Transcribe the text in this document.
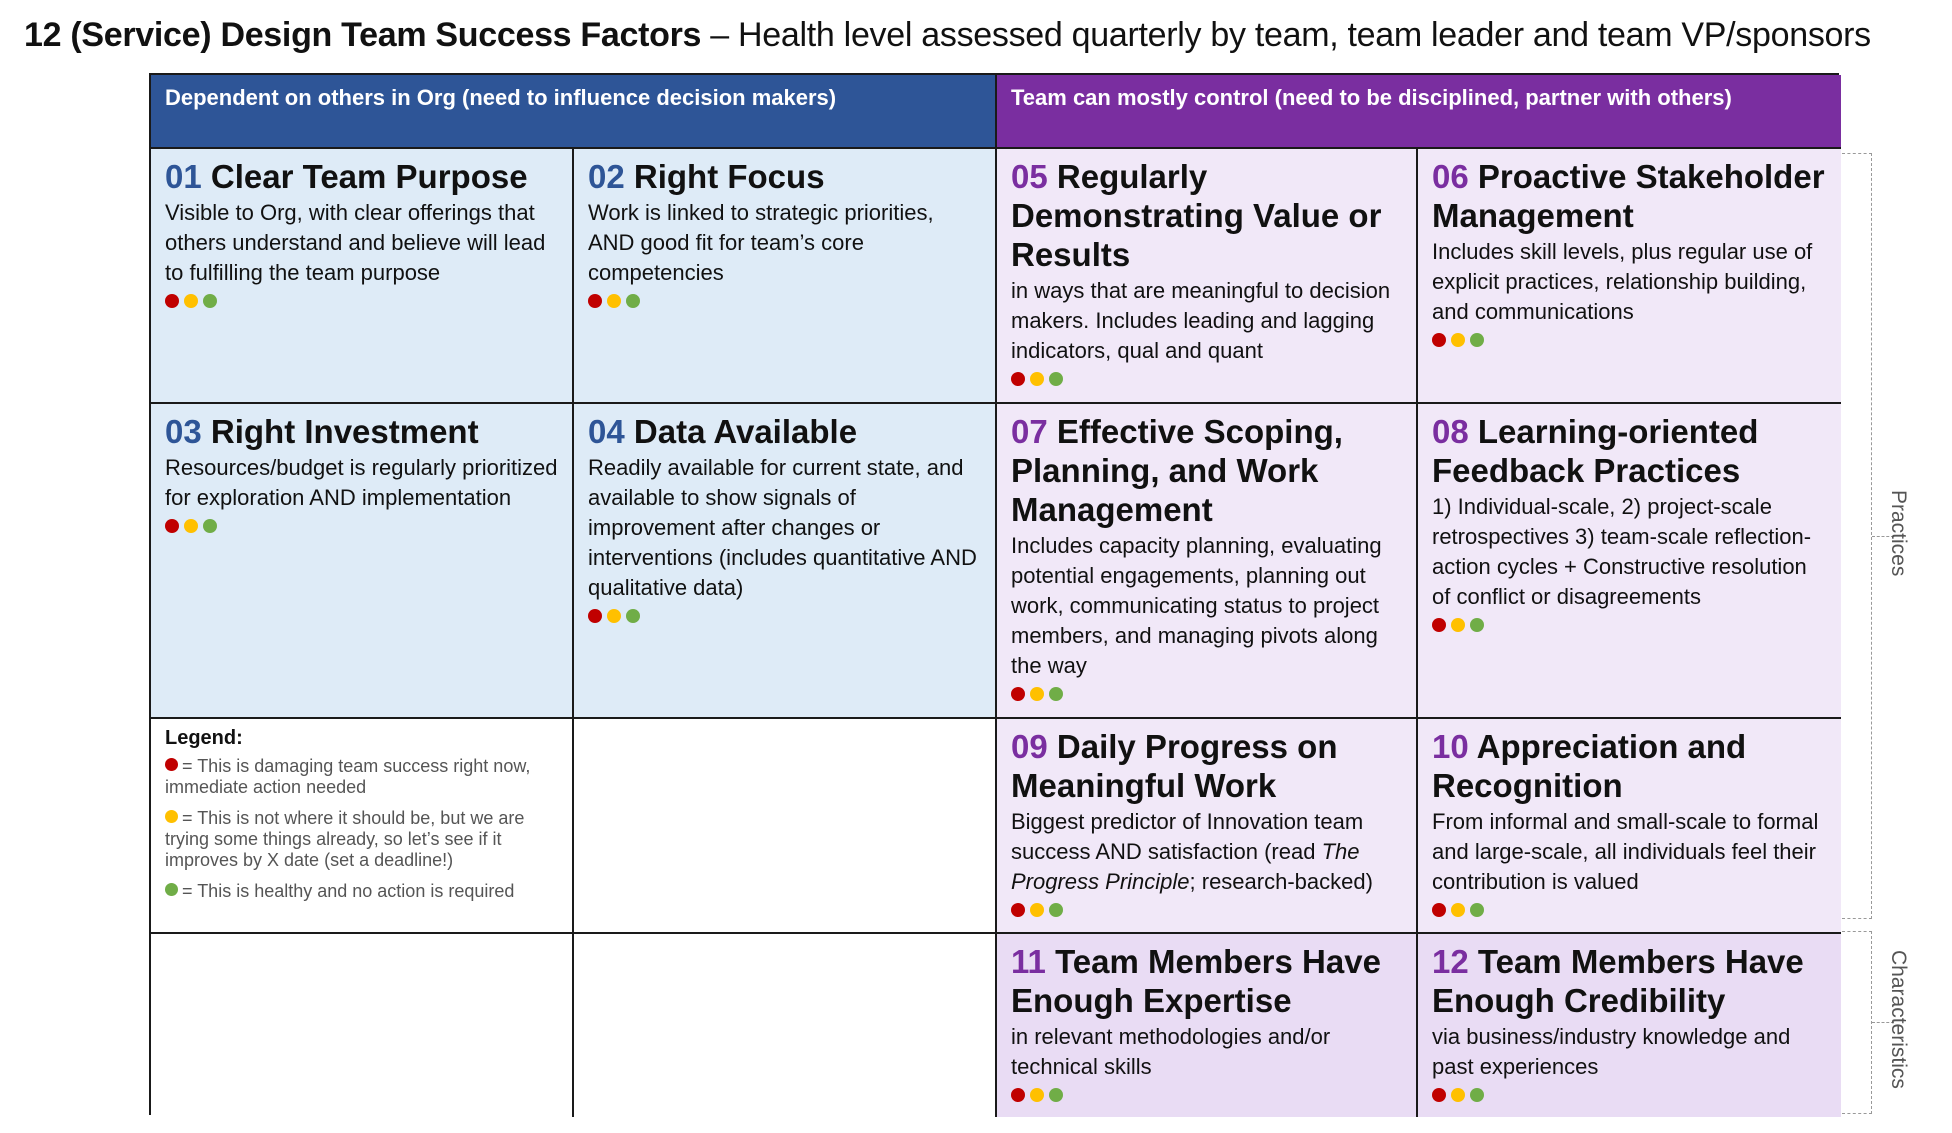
12 (Service) Design Team Success Factors – Health level assessed quarterly by team, team leader and team VP/sponsors
Dependent on others in Org (need to influence decision makers)	Team can mostly control (need to be disciplined, partner with others)
01 Clear Team Purpose
Visible to Org, with clear offerings that others understand and believe will lead to fulfilling the team purpose
02 Right Focus
Work is linked to strategic priorities, AND good fit for team’s core competencies
05 Regularly Demonstrating Value or Results
in ways that are meaningful to decision makers. Includes leading and lagging indicators, qual and quant
06 Proactive Stakeholder Management
Includes skill levels, plus regular use of explicit practices, relationship building, and communications
03 Right Investment
Resources/budget is regularly prioritized for exploration AND implementation
04 Data Available
Readily available for current state, and available to show signals of improvement after changes or interventions (includes quantitative AND qualitative data)
07 Effective Scoping, Planning, and Work Management
Includes capacity planning, evaluating potential engagements, planning out work, communicating status to project members, and managing pivots along the way
08 Learning-oriented Feedback Practices
1) Individual-scale, 2) project-scale retrospectives 3) team-scale reflection-action cycles + Constructive resolution of conflict or disagreements
Legend:
= This is damaging team success right now, immediate action needed
= This is not where it should be, but we are trying some things already, so let’s see if it improves by X date (set a deadline!)
= This is healthy and no action is required
09 Daily Progress on Meaningful Work
Biggest predictor of Innovation team success AND satisfaction (read The Progress Principle; research-backed)
10 Appreciation and Recognition
From informal and small-scale to formal and large-scale, all individuals feel their contribution is valued
11 Team Members Have Enough Expertise
in relevant methodologies and/or technical skills
12 Team Members Have Enough Credibility
via business/industry knowledge and past experiences
Practices
Characteristics
